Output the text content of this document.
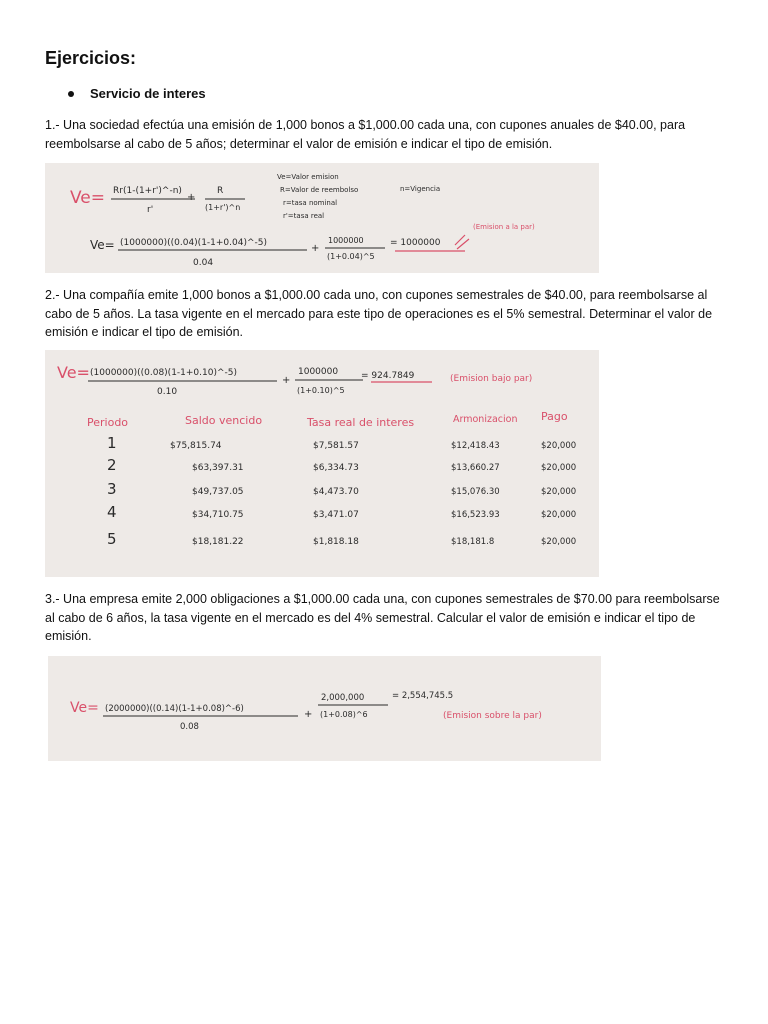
Ejercicios:
Servicio de interes
1.- Una sociedad efectúa una emisión de 1,000 bonos a $1,000.00 cada una, con cupones anuales de $40.00, para reembolsarse al cabo de 5 años; determinar el valor de emisión e indicar el tipo de emisión.
Ve= Rr(1-(1+r')^-n)
r'
+
R
(1+r')^n
Ve=Valor emision
R=Valor de reembolso
r=tasa nominal
r'=tasa real
n=Vigencia
Ve= (1000000)((0.04)(1-1+0.04)^-5)
0.04
+
1000000
(1+0.04)^5
= 1000000
(Emision a la par)
2.- Una compañía emite 1,000 bonos a $1,000.00 cada uno, con cupones semestrales de $40.00, para reembolsarse al cabo de 5 años. La tasa vigente en el mercado para este tipo de operaciones es el 5% semestral. Determinar el valor de emisión e indicar el tipo de emisión.
Ve= (1000000)((0.08)(1-1+0.10)^-5)
0.10
+
1000000
(1+0.10)^5
= 924.7849	(Emision bajo par)
Periodo	Saldo vencido	Tasa real de interes	Armonizacion Pago
1	$75,815.74	$7,581.57	$12,418.43	$20,000
2	$63,397.31	$6,334.73	$13,660.27	$20,000
3	$49,737.05	$4,473.70	$15,076.30	$20,000
4	$34,710.75	$3,471.07	$16,523.93	$20,000
5	$18,181.22	$1,818.18	$18,181.8	$20,000
3.- Una empresa emite 2,000 obligaciones a $1,000.00 cada una, con cupones semestrales de $70.00 para reembolsarse al cabo de 6 años, la tasa vigente en el mercado es del 4% semestral. Calcular el valor de emisión e indicar el tipo de emisión.
Ve= (2000000)((0.14)(1-1+0.08)^-6)
0.08
+
2,000,000
(1+0.08)^6
= 2,554,745.5
(Emision sobre la par)
